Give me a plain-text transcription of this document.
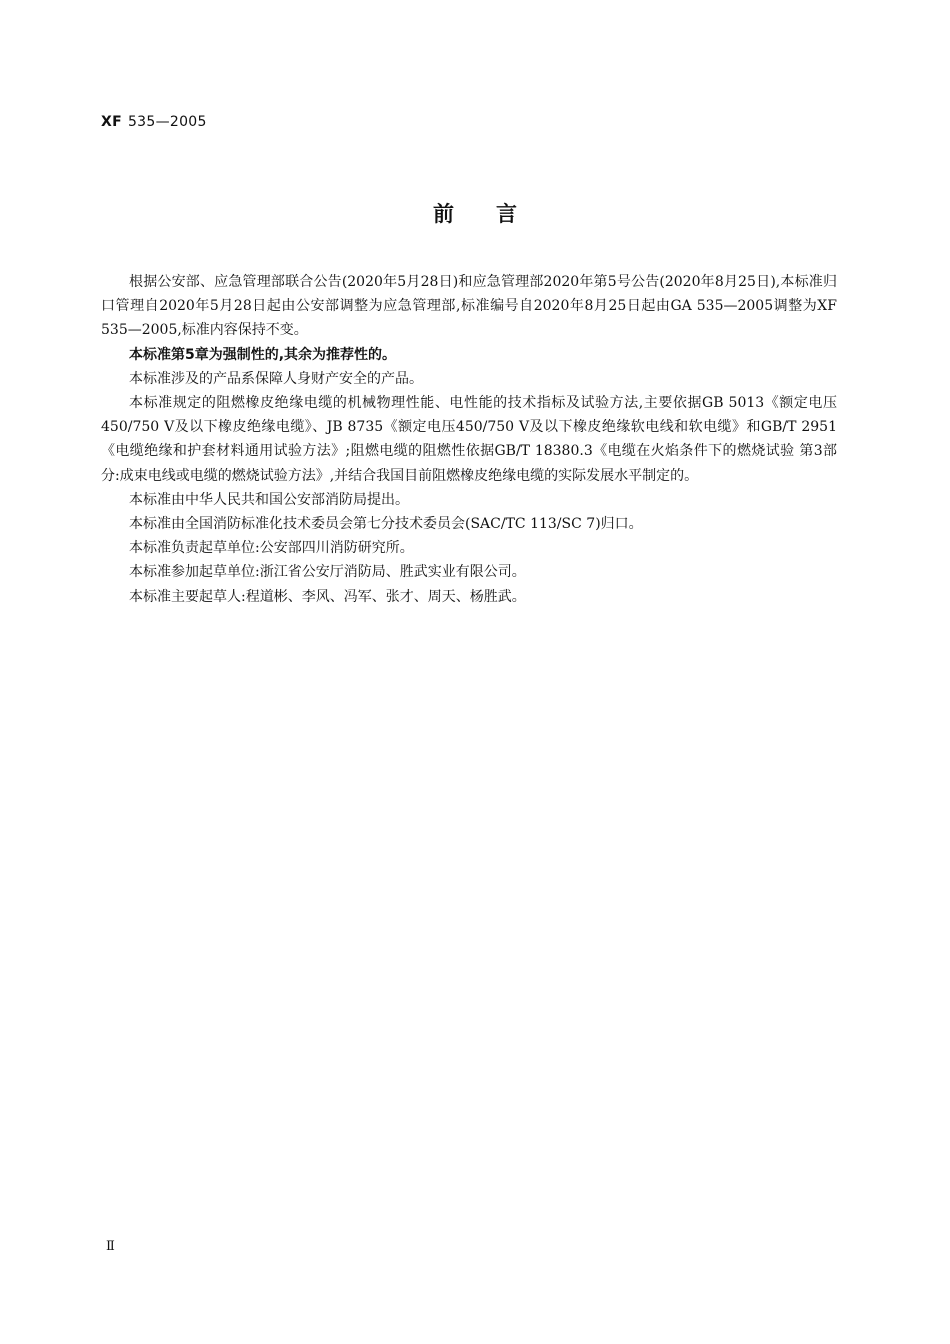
XF 535—2005
前言

根据公安部、应急管理部联合公告(2020年5月28日)和应急管理部2020年第5号公告(2020年8月25日),本标准归口管理自2020年5月28日起由公安部调整为应急管理部,标准编号自2020年8月25日起由GA 535—2005调整为XF 535—2005,标准内容保持不变。

本标准第5章为强制性的,其余为推荐性的。

本标准涉及的产品系保障人身财产安全的产品。

本标准规定的阻燃橡皮绝缘电缆的机械物理性能、电性能的技术指标及试验方法,主要依据GB 5013《额定电压450/750 V及以下橡皮绝缘电缆》、JB 8735《额定电压450/750 V及以下橡皮绝缘软电线和软电缆》和GB/T 2951《电缆绝缘和护套材料通用试验方法》;阻燃电缆的阻燃性依据GB/T 18380.3《电缆在火焰条件下的燃烧试验 第3部分:成束电线或电缆的燃烧试验方法》,并结合我国目前阻燃橡皮绝缘电缆的实际发展水平制定的。

本标准由中华人民共和国公安部消防局提出。

本标准由全国消防标准化技术委员会第七分技术委员会(SAC/TC 113/SC 7)归口。

本标准负责起草单位:公安部四川消防研究所。

本标准参加起草单位:浙江省公安厅消防局、胜武实业有限公司。

本标准主要起草人:程道彬、李风、冯军、张才、周天、杨胜武。

Ⅱ
